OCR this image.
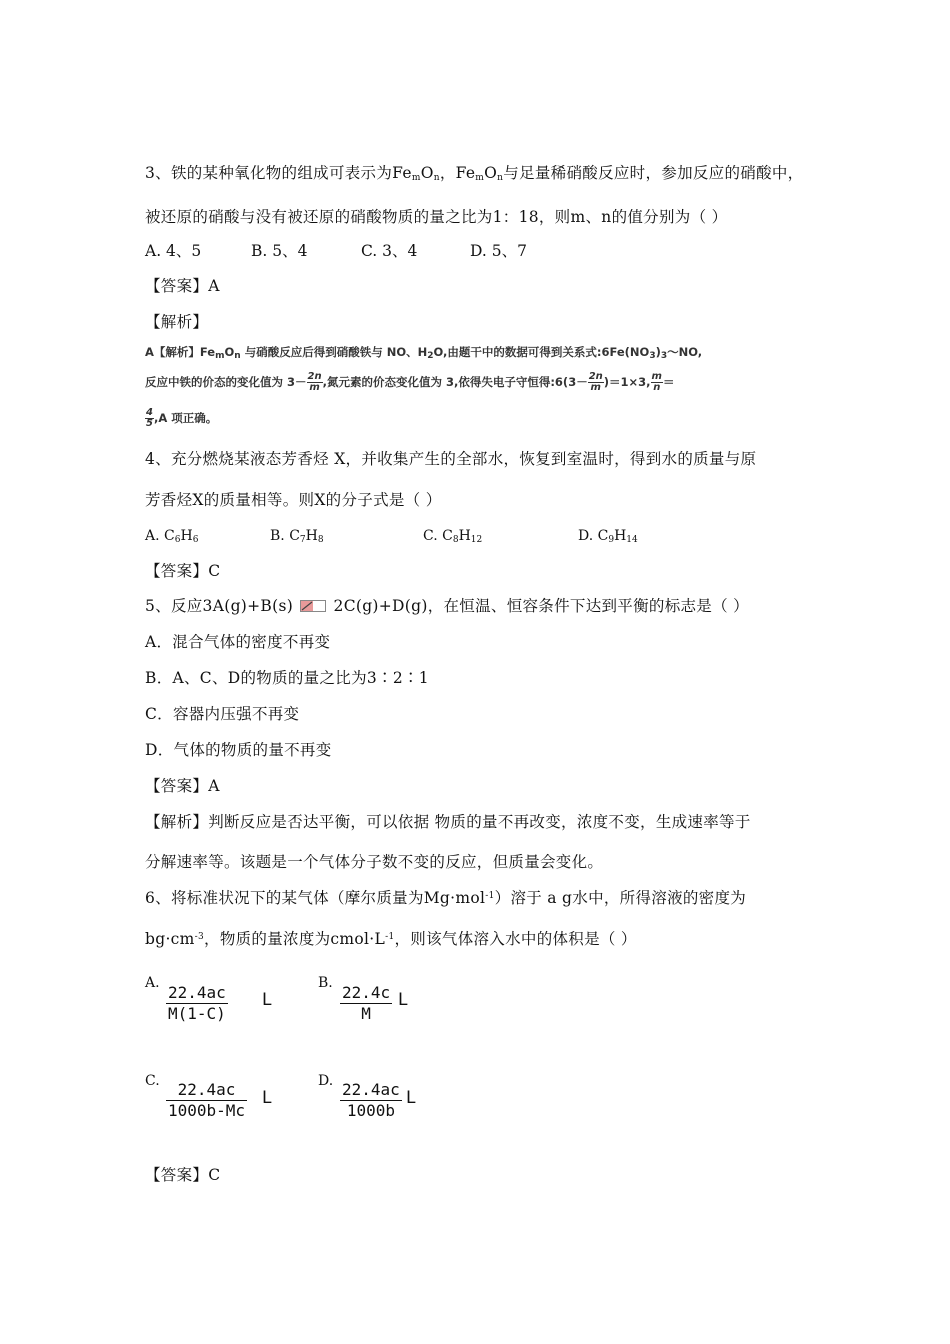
3、铁的某种氧化物的组成可表示为$Fe_mO_n$，$Fe_mO_n$与足量稀硝酸反应时，参加反应的硝酸中，
被还原的硝酸与没有被还原的硝酸物质的量之比为1：18，则m、n的值分别为（ ）
A. 4、5	B. 5、4	C. 3、4	D. 5、7
【答案】A
【解析】
A【解析】$Fe_mO_n$ 与硝酸反应后得到硝酸铁与 NO、$H_2O$,由题干中的数据可得到关系式$:6Fe(NO_3)_3\sim NO$,
反应中铁的价态的变化值为 $3- \frac{2n}{m}$ ,氮元素的价态变化值为 3,依得失电子守恒得:6(3－ $\frac{2n}{m} )=1\times 3$, $\frac{m}{n}$ ＝
$\frac{4}{5} ,A$ 项正确。
4、充分燃烧某液态芳香烃 X，并收集产生的全部水，恢复到室温时，得到水的质量与原
芳香烃X的质量相等。则X的分子式是（ ）
A. $C_6H_6$	B. $C_7H_8$	C. $C_8H_{12}$	D. $C_9H_{14}$
【答案】C
5、反应3A(g)+B(s)	2C(g)+D(g)，在恒温、恒容条件下达到平衡的标志是（ ）
A．混合气体的密度不再变
B．A、C、D的物质的量之比为3∶2∶1
C．容器内压强不再变
D．气体的物质的量不再变
【答案】A
【解析】判断反应是否达平衡，可以依据 物质的量不再改变，浓度不变，生成速率等于
分解速率等。该题是一个气体分子数不变的反应，但质量会变化。
6、将标准状况下的某气体（摩尔质量为Mg·mol$^{-1}$）溶于 a g水中，所得溶液的密度为
$bg\cdot cm^{-3}$，物质的量浓度为$cmol\cdot L^{-1}$，则该气体溶入水中的体积是（ ）
A. 22.4ac
M(1-C)
L
B. 22.4c
M
L
C.	22.4ac
1000b-Mc
L
D. 22.4ac
1000b
L
【答案】C
